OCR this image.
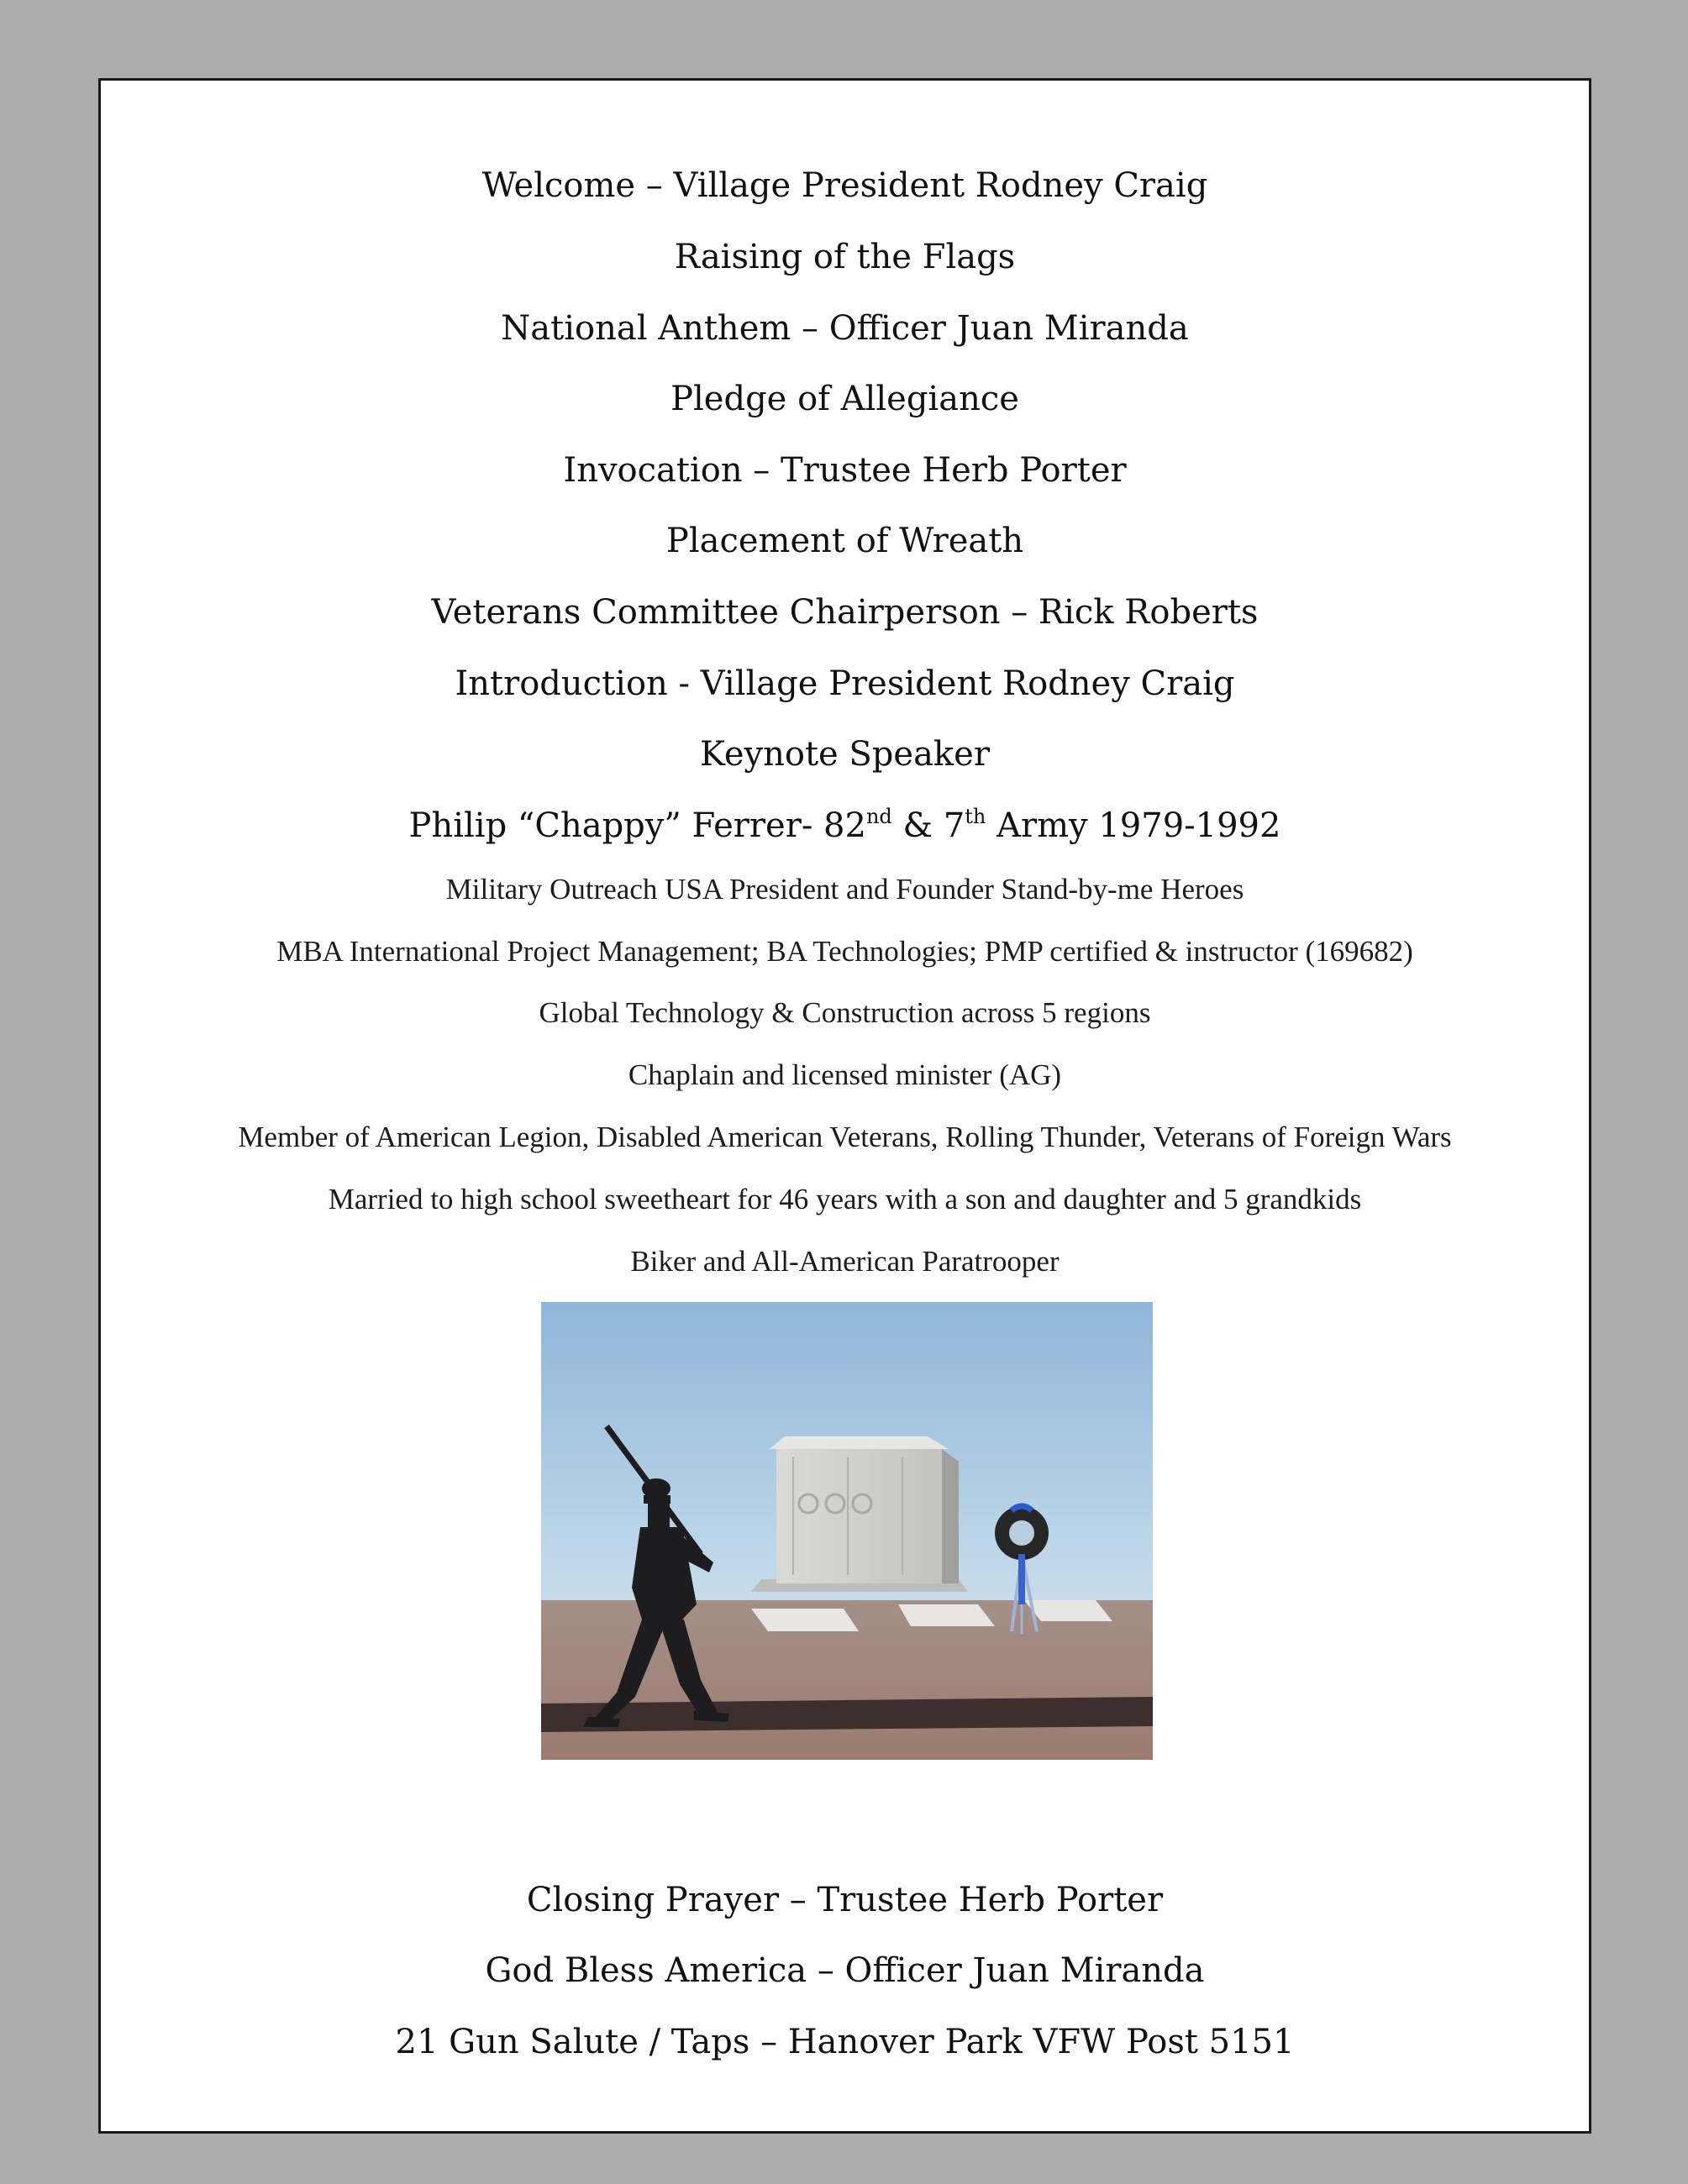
Welcome – Village President Rodney Craig
Raising of the Flags
National Anthem – Officer Juan Miranda
Pledge of Allegiance
Invocation – Trustee Herb Porter
Placement of Wreath
Veterans Committee Chairperson – Rick Roberts
Introduction - Village President Rodney Craig
Keynote Speaker
Philip “Chappy” Ferrer- 82nd & 7th Army 1979-1992
Military Outreach USA President and Founder Stand-by-me Heroes
MBA International Project Management; BA Technologies; PMP certified & instructor (169682)
Global Technology & Construction across 5 regions
Chaplain and licensed minister (AG)
Member of American Legion, Disabled American Veterans, Rolling Thunder, Veterans of Foreign Wars
Married to high school sweetheart for 46 years with a son and daughter and 5 grandkids
Biker and All-American Paratrooper
Closing Prayer – Trustee Herb Porter
God Bless America – Officer Juan Miranda
21 Gun Salute / Taps – Hanover Park VFW Post 5151
